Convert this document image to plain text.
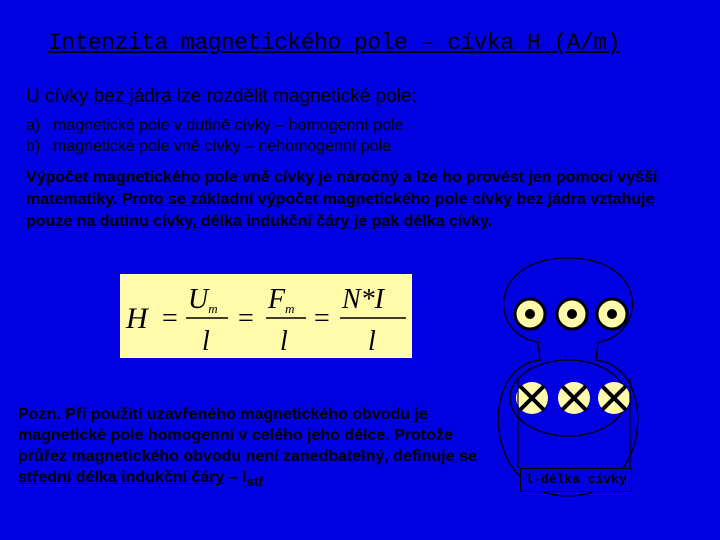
Intenzita magnetického pole – cívka H (A/m)
U cívky bez jádra lze rozdělit magnetické pole:
a) magnetické pole v dutině cívky – homogenní pole
b) magnetické pole vně cívky – nehomogenní pole
Výpočet magnetického pole vně cívky je náročný a lze ho provést jen pomocí vyšší matematiky. Proto se základní výpočet magnetického pole cívky bez jádra vztahuje pouze na dutinu cívky, délka indukční čáry je pak délka cívky.
H =
Um
l
=
Fm
l
=
N*I
l
Pozn. Při použití uzavřeného magnetického obvodu je magnetické pole homogenní v celého jeho délce. Protože průřez magnetického obvodu není zanedbatelný, definuje se střední délka indukční čáry – $l_{stř}$
~
l-délka cívky
